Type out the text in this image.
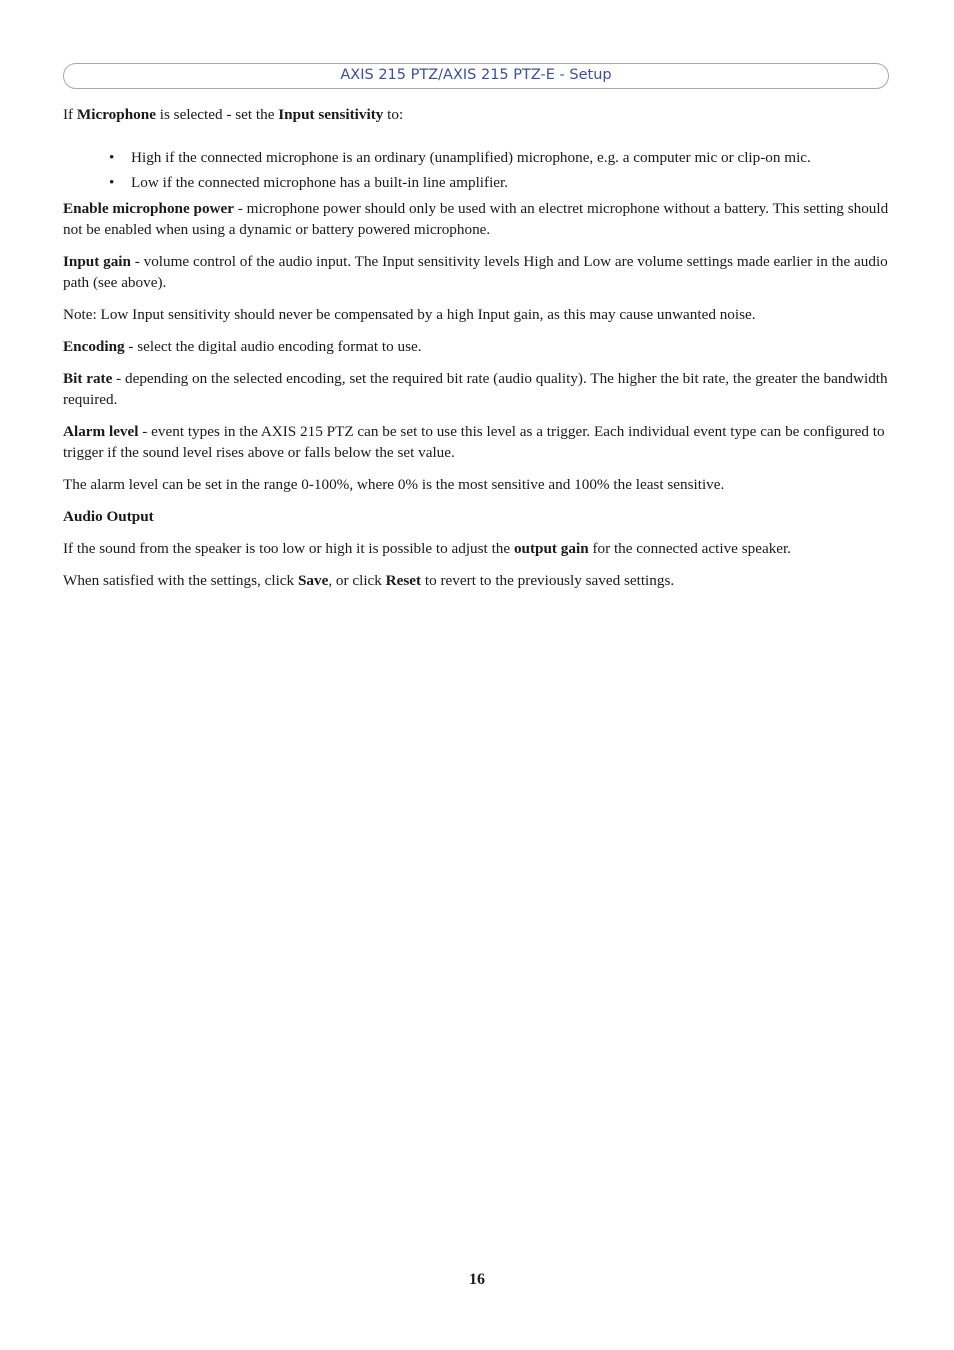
AXIS 215 PTZ/AXIS 215 PTZ-E - Setup

If Microphone is selected - set the Input sensitivity to:

• High if the connected microphone is an ordinary (unamplified) microphone, e.g. a computer mic or clip-on mic.
• Low if the connected microphone has a built-in line amplifier.

Enable microphone power - microphone power should only be used with an electret microphone without a battery. This setting should not be enabled when using a dynamic or battery powered microphone.

Input gain - volume control of the audio input. The Input sensitivity levels High and Low are volume settings made earlier in the audio path (see above).

Note: Low Input sensitivity should never be compensated by a high Input gain, as this may cause unwanted noise.

Encoding - select the digital audio encoding format to use.

Bit rate - depending on the selected encoding, set the required bit rate (audio quality). The higher the bit rate, the greater the bandwidth required.

Alarm level - event types in the AXIS 215 PTZ can be set to use this level as a trigger. Each individual event type can be configured to trigger if the sound level rises above or falls below the set value.

The alarm level can be set in the range 0-100%, where 0% is the most sensitive and 100% the least sensitive.

Audio Output

If the sound from the speaker is too low or high it is possible to adjust the output gain for the connected active speaker.

When satisfied with the settings, click Save, or click Reset to revert to the previously saved settings.

16
